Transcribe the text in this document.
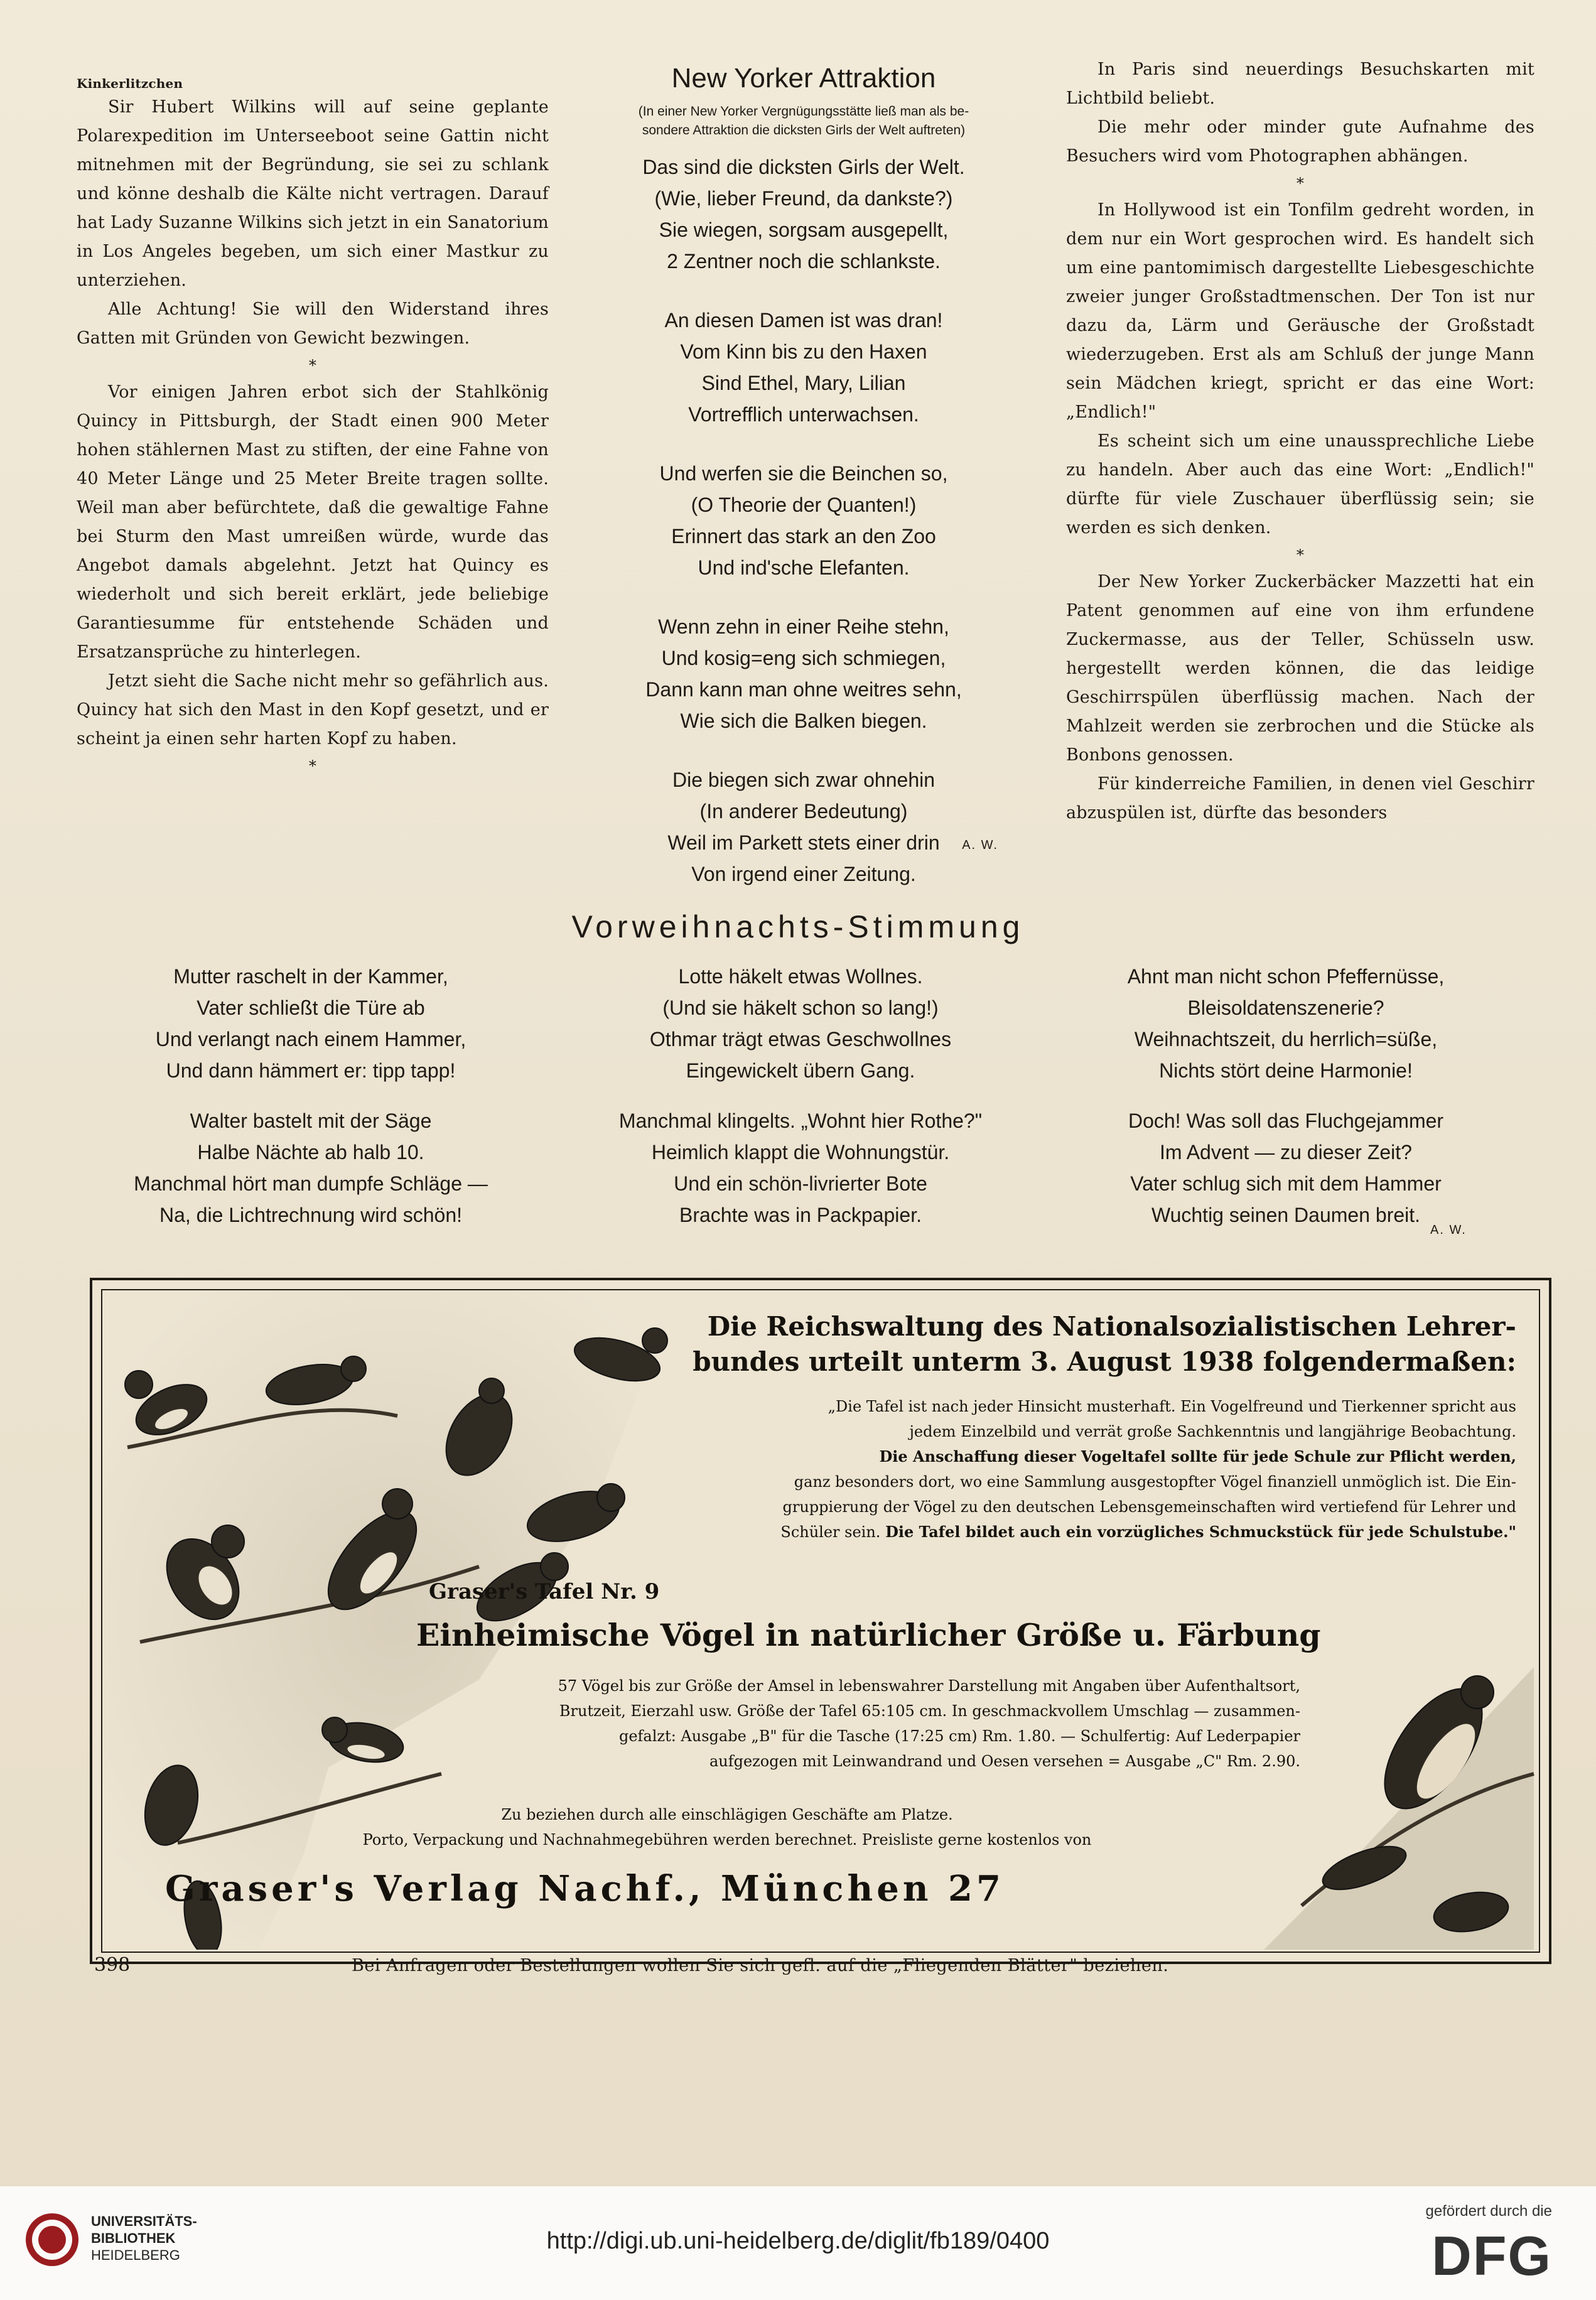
Kinkerlitzchen

Sir Hubert Wilkins will auf seine geplante Polarexpedition im Unterseeboot seine Gattin nicht mitnehmen mit der Begründung, sie sei zu schlank und könne deshalb die Kälte nicht vertragen. Darauf hat Lady Suzanne Wilkins sich jetzt in ein Sanatorium in Los Angeles begeben, um sich einer Mastkur zu unterziehen.

Alle Achtung! Sie will den Widerstand ihres Gatten mit Gründen von Gewicht bezwingen.

*

Vor einigen Jahren erbot sich der Stahlkönig Quincy in Pittsburgh, der Stadt einen 900 Meter hohen stählernen Mast zu stiften, der eine Fahne von 40 Meter Länge und 25 Meter Breite tragen sollte. Weil man aber befürchtete, daß die gewaltige Fahne bei Sturm den Mast umreißen würde, wurde das Angebot damals abgelehnt. Jetzt hat Quincy es wiederholt und sich bereit erklärt, jede beliebige Garantiesumme für entstehende Schäden und Ersatzansprüche zu hinterlegen.

Jetzt sieht die Sache nicht mehr so gefährlich aus. Quincy hat sich den Mast in den Kopf gesetzt, und er scheint ja einen sehr harten Kopf zu haben.

*
New Yorker Attraktion
(In einer New Yorker Vergnügungsstätte ließ man als be-
sondere Attraktion die dicksten Girls der Welt auftreten)
Das sind die dicksten Girls der Welt.
(Wie, lieber Freund, da dankste?)
Sie wiegen, sorgsam ausgepellt,
2 Zentner noch die schlankste.
An diesen Damen ist was dran!
Vom Kinn bis zu den Haxen
Sind Ethel, Mary, Lilian
Vortrefflich unterwachsen.
Und werfen sie die Beinchen so,
(O Theorie der Quanten!)
Erinnert das stark an den Zoo
Und ind'sche Elefanten.
Wenn zehn in einer Reihe stehn,
Und kosig=eng sich schmiegen,
Dann kann man ohne weitres sehn,
Wie sich die Balken biegen.
Die biegen sich zwar ohnehin
(In anderer Bedeutung)
Weil im Parkett stets einer drin
Von irgend einer Zeitung.
A. W.

In Paris sind neuerdings Besuchskarten mit Lichtbild beliebt.

Die mehr oder minder gute Aufnahme des Besuchers wird vom Photographen abhängen.

*

In Hollywood ist ein Tonfilm gedreht worden, in dem nur ein Wort gesprochen wird. Es handelt sich um eine pantomimisch dargestellte Liebesgeschichte zweier junger Großstadtmenschen. Der Ton ist nur dazu da, Lärm und Geräusche der Großstadt wiederzugeben. Erst als am Schluß der junge Mann sein Mädchen kriegt, spricht er das eine Wort: „Endlich!"

Es scheint sich um eine unaussprechliche Liebe zu handeln. Aber auch das eine Wort: „Endlich!" dürfte für viele Zuschauer überflüssig sein; sie werden es sich denken.

*

Der New Yorker Zuckerbäcker Mazzetti hat ein Patent genommen auf eine von ihm erfundene Zuckermasse, aus der Teller, Schüsseln usw. hergestellt werden können, die das leidige Geschirrspülen überflüssig machen. Nach der Mahlzeit werden sie zerbrochen und die Stücke als Bonbons genossen.

Für kinderreiche Familien, in denen viel Geschirr abzuspülen ist, dürfte das besonders

Vorweihnachts-Stimmung
Mutter raschelt in der Kammer,
Vater schließt die Türe ab
Und verlangt nach einem Hammer,
Und dann hämmert er: tipp tapp!
Walter bastelt mit der Säge
Halbe Nächte ab halb 10.
Manchmal hört man dumpfe Schläge —
Na, die Lichtrechnung wird schön!
Lotte häkelt etwas Wollnes.
(Und sie häkelt schon so lang!)
Othmar trägt etwas Geschwollnes
Eingewickelt übern Gang.
Manchmal klingelts. „Wohnt hier Rothe?"
Heimlich klappt die Wohnungstür.
Und ein schön-livrierter Bote
Brachte was in Packpapier.
Ahnt man nicht schon Pfeffernüsse,
Bleisoldatenszenerie?
Weihnachtszeit, du herrlich=süße,
Nichts stört deine Harmonie!
Doch! Was soll das Fluchgejammer
Im Advent — zu dieser Zeit?
Vater schlug sich mit dem Hammer
Wuchtig seinen Daumen breit.
A. W.
Die Reichswaltung des Nationalsozialistischen Lehrer-
bundes urteilt unterm 3. August 1938 folgendermaßen:
„Die Tafel ist nach jeder Hinsicht musterhaft. Ein Vogelfreund und Tierkenner spricht aus
jedem Einzelbild und verrät große Sachkenntnis und langjährige Beobachtung.
Die Anschaffung dieser Vogeltafel sollte für jede Schule zur Pflicht werden,
ganz besonders dort, wo eine Sammlung ausgestopfter Vögel finanziell unmöglich ist. Die Ein-
gruppierung der Vögel zu den deutschen Lebensgemeinschaften wird vertiefend für Lehrer und
Schüler sein. Die Tafel bildet auch ein vorzügliches Schmuckstück für jede Schulstube."
Graser's Tafel Nr. 9
Einheimische Vögel in natürlicher Größe u. Färbung
57 Vögel bis zur Größe der Amsel in lebenswahrer Darstellung mit Angaben über Aufenthaltsort,
Brutzeit, Eierzahl usw. Größe der Tafel 65:105 cm. In geschmackvollem Umschlag — zusammen-
gefalzt: Ausgabe „B" für die Tasche (17:25 cm) Rm. 1.80. — Schulfertig: Auf Lederpapier
aufgezogen mit Leinwandrand und Oesen versehen = Ausgabe „C" Rm. 2.90.
Zu beziehen durch alle einschlägigen Geschäfte am Platze.
Porto, Verpackung und Nachnahmegebühren werden berechnet. Preisliste gerne kostenlos von
Graser's Verlag Nachf., München 27
398	Bei Anfragen oder Bestellungen wollen Sie sich gefl. auf die „Fliegenden Blätter" beziehen.
UNIVERSITÄTS-
BIBLIOTHEK
HEIDELBERG
http://digi.ub.uni-heidelberg.de/diglit/fb189/0400
gefördert durch die
DFG
